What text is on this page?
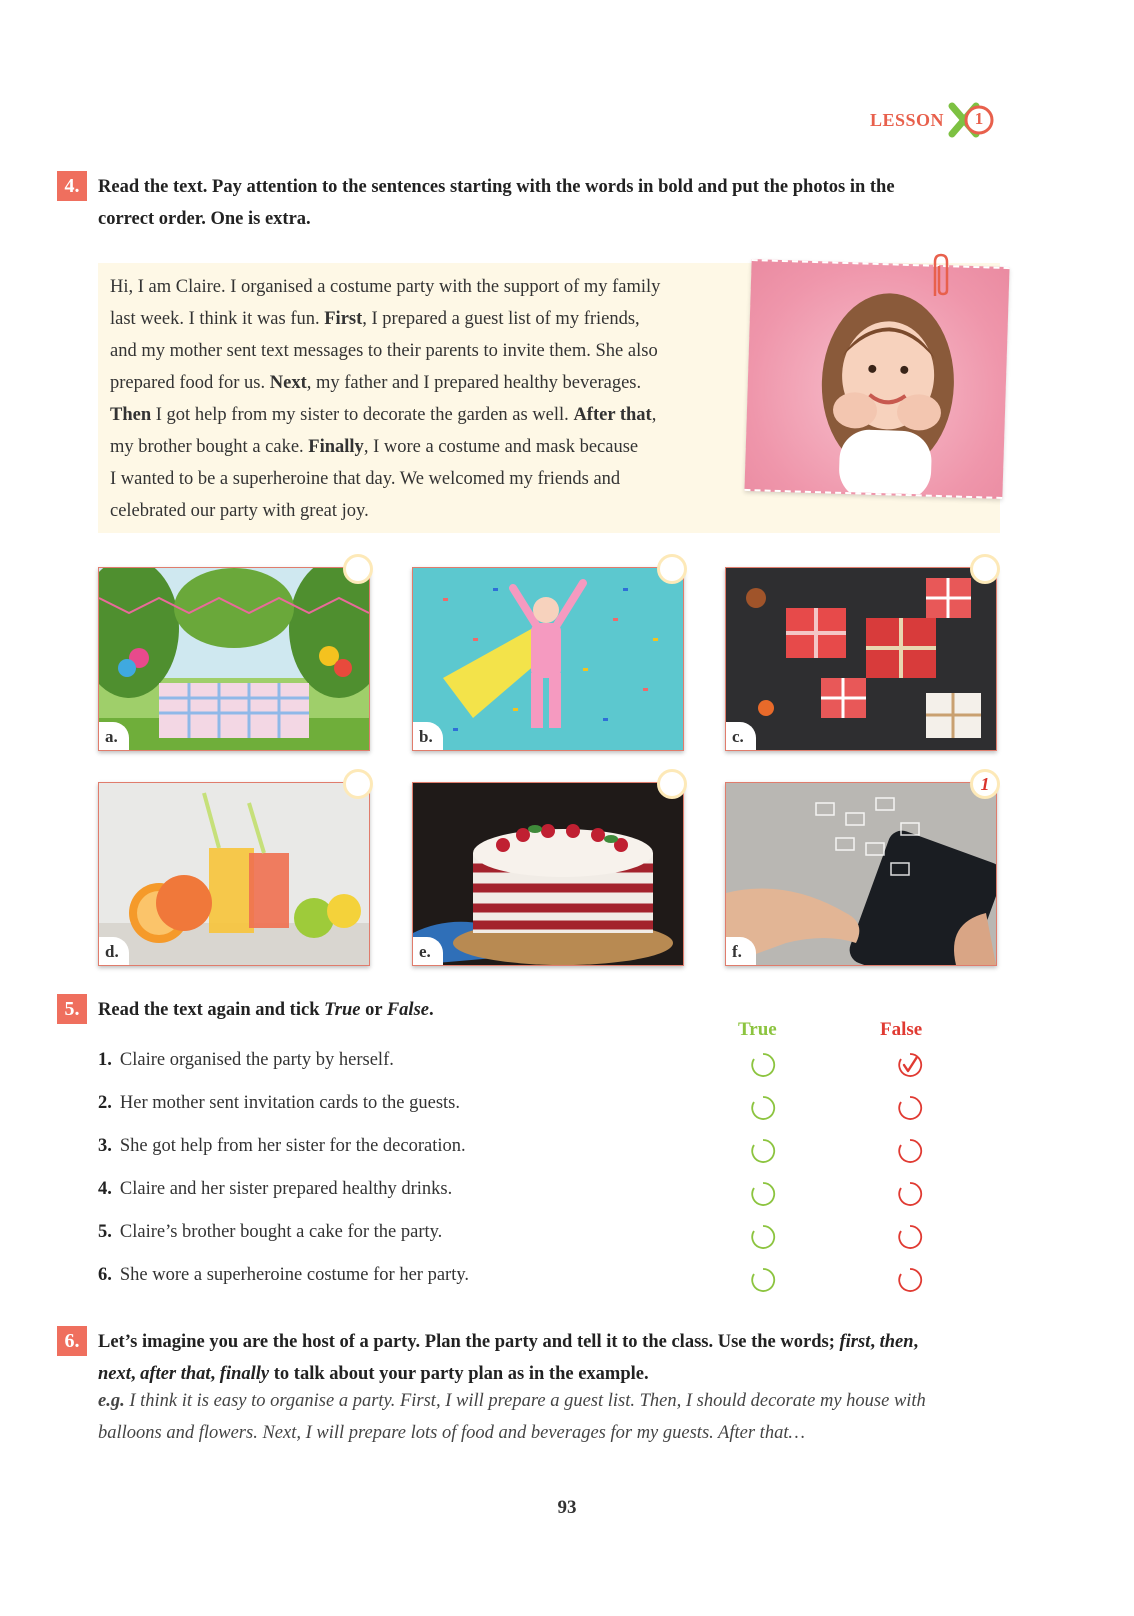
LESSON 1
4.	Read the text. Pay attention to the sentences starting with the words in bold and put the photos in the
correct order. One is extra.

Hi, I am Claire. I organised a costume party with the support of my family

last week. I think it was fun. First, I prepared a guest list of my friends,

and my mother sent text messages to their parents to invite them. She also

prepared food for us. Next, my father and I prepared healthy beverages.

Then I got help from my sister to decorate the garden as well. After that,

my brother bought a cake. Finally, I wore a costume and mask because

I wanted to be a superheroine that day. We welcomed my friends and

celebrated our party with great joy.

a.	b.	c.
d.	e.	f.
1
5.	Read the text again and tick True or False.
True	False
1. Claire organised the party by herself.
2. Her mother sent invitation cards to the guests.
3. She got help from her sister for the decoration.
4. Claire and her sister prepared healthy drinks.
5. Claire’s brother bought a cake for the party.
6. She wore a superheroine costume for her party.
6.	Let’s imagine you are the host of a party. Plan the party and tell it to the class. Use the words; first, then,
next, after that, finally to talk about your party plan as in the example.

e.g. I think it is easy to organise a party. First, I will prepare a guest list. Then, I should decorate my house with

balloons and flowers. Next, I will prepare lots of food and beverages for my guests. After that…

93
